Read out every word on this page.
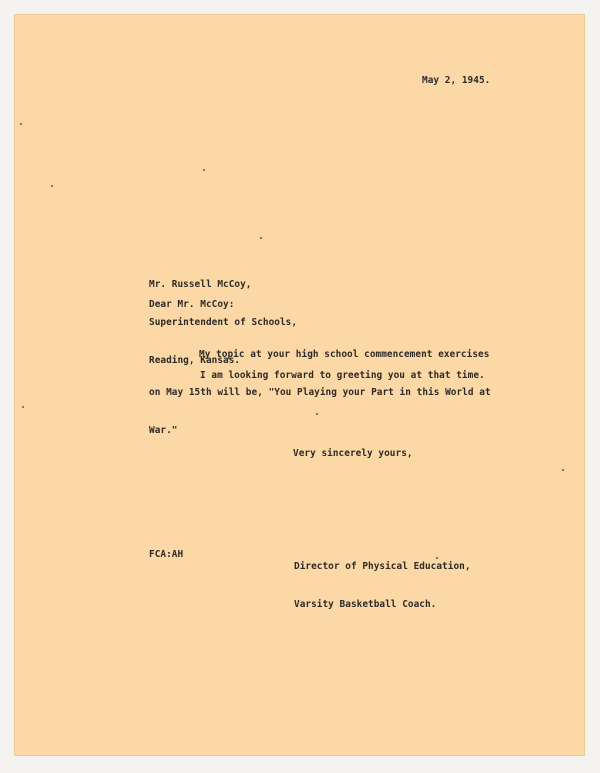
May 2, 1945.

Mr. Russell McCoy,

Superintendent of Schools,

Reading, Kansas.

Dear Mr. McCoy:

My topic at your high school commencement exercises

on May 15th will be, "You Playing your Part in this World at

War."

I am looking forward to greeting you at that time.
Very sincerely yours,

Director of Physical Education,

Varsity Basketball Coach.

FCA:AH
